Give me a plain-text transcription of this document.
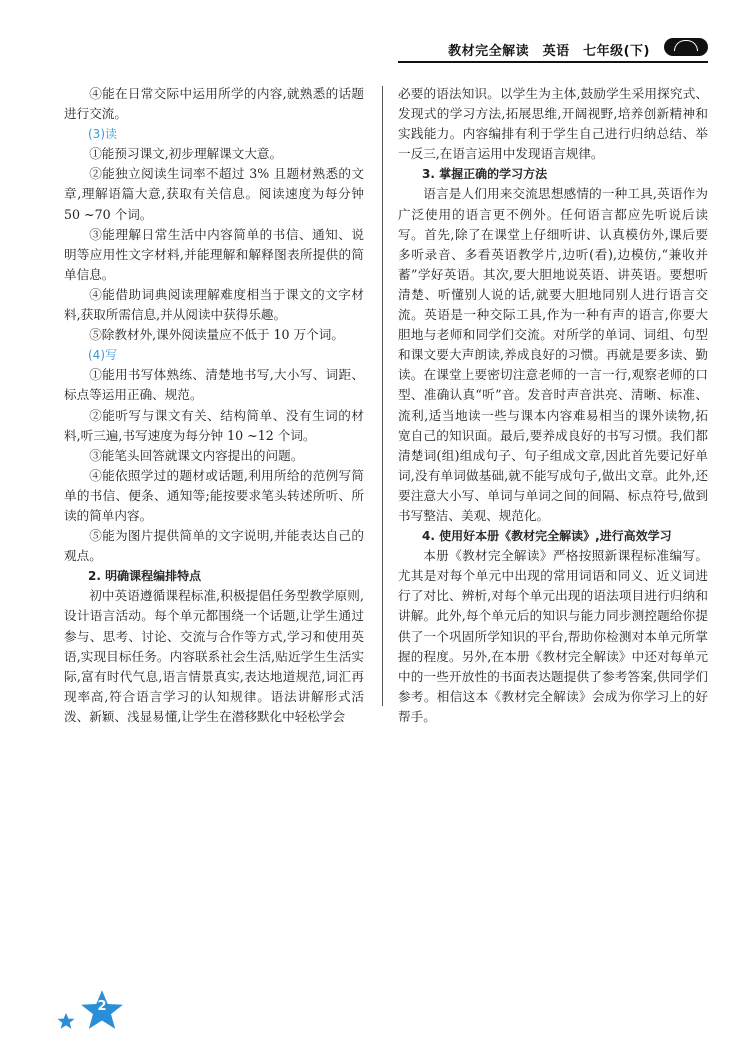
教材完全解读　英语　七年级(下)

④能在日常交际中运用所学的内容,就熟悉的话题进行交流。

(3)读

①能预习课文,初步理解课文大意。

②能独立阅读生词率不超过 3% 且题材熟悉的文章,理解语篇大意,获取有关信息。阅读速度为每分钟 50 ~70 个词。

③能理解日常生活中内容简单的书信、通知、说明等应用性文字材料,并能理解和解释图表所提供的简单信息。

④能借助词典阅读理解难度相当于课文的文字材料,获取所需信息,并从阅读中获得乐趣。

⑤除教材外,课外阅读量应不低于 10 万个词。

(4)写

①能用书写体熟练、清楚地书写,大小写、词距、标点等运用正确、规范。

②能听写与课文有关、结构简单、没有生词的材料,听三遍,书写速度为每分钟 10 ~12 个词。

③能笔头回答就课文内容提出的问题。

④能依照学过的题材或话题,利用所给的范例写简单的书信、便条、通知等;能按要求笔头转述所听、所读的简单内容。

⑤能为图片提供简单的文字说明,并能表达自己的观点。

2. 明确课程编排特点

初中英语遵循课程标准,积极提倡任务型教学原则,设计语言活动。每个单元都围绕一个话题,让学生通过参与、思考、讨论、交流与合作等方式,学习和使用英语,实现目标任务。内容联系社会生活,贴近学生生活实际,富有时代气息,语言情景真实,表达地道规范,词汇再现率高,符合语言学习的认知规律。语法讲解形式活泼、新颖、浅显易懂,让学生在潜移默化中轻松学会

必要的语法知识。以学生为主体,鼓励学生采用探究式、发现式的学习方法,拓展思维,开阔视野,培养创新精神和实践能力。内容编排有利于学生自己进行归纳总结、举一反三,在语言运用中发现语言规律。

3. 掌握正确的学习方法

语言是人们用来交流思想感情的一种工具,英语作为广泛使用的语言更不例外。任何语言都应先听说后读写。首先,除了在课堂上仔细听讲、认真模仿外,课后要多听录音、多看英语教学片,边听(看),边模仿,“兼收并蓄”学好英语。其次,要大胆地说英语、讲英语。要想听清楚、听懂别人说的话,就要大胆地同别人进行语言交流。英语是一种交际工具,作为一种有声的语言,你要大胆地与老师和同学们交流。对所学的单词、词组、句型和课文要大声朗读,养成良好的习惯。再就是要多读、勤读。在课堂上要密切注意老师的一言一行,观察老师的口型、准确认真“听”音。发音时声音洪亮、清晰、标准、流利,适当地读一些与课本内容难易相当的课外读物,拓宽自己的知识面。最后,要养成良好的书写习惯。我们都清楚词(组)组成句子、句子组成文章,因此首先要记好单词,没有单词做基础,就不能写成句子,做出文章。此外,还要注意大小写、单词与单词之间的间隔、标点符号,做到书写整洁、美观、规范化。

4. 使用好本册《教材完全解读》,进行高效学习

本册《教材完全解读》严格按照新课程标准编写。尤其是对每个单元中出现的常用词语和同义、近义词进行了对比、辨析,对每个单元出现的语法项目进行归纳和讲解。此外,每个单元后的知识与能力同步测控题给你提供了一个巩固所学知识的平台,帮助你检测对本单元所掌握的程度。另外,在本册《教材完全解读》中还对每单元中的一些开放性的书面表达题提供了参考答案,供同学们参考。相信这本《教材完全解读》会成为你学习上的好帮手。

2
